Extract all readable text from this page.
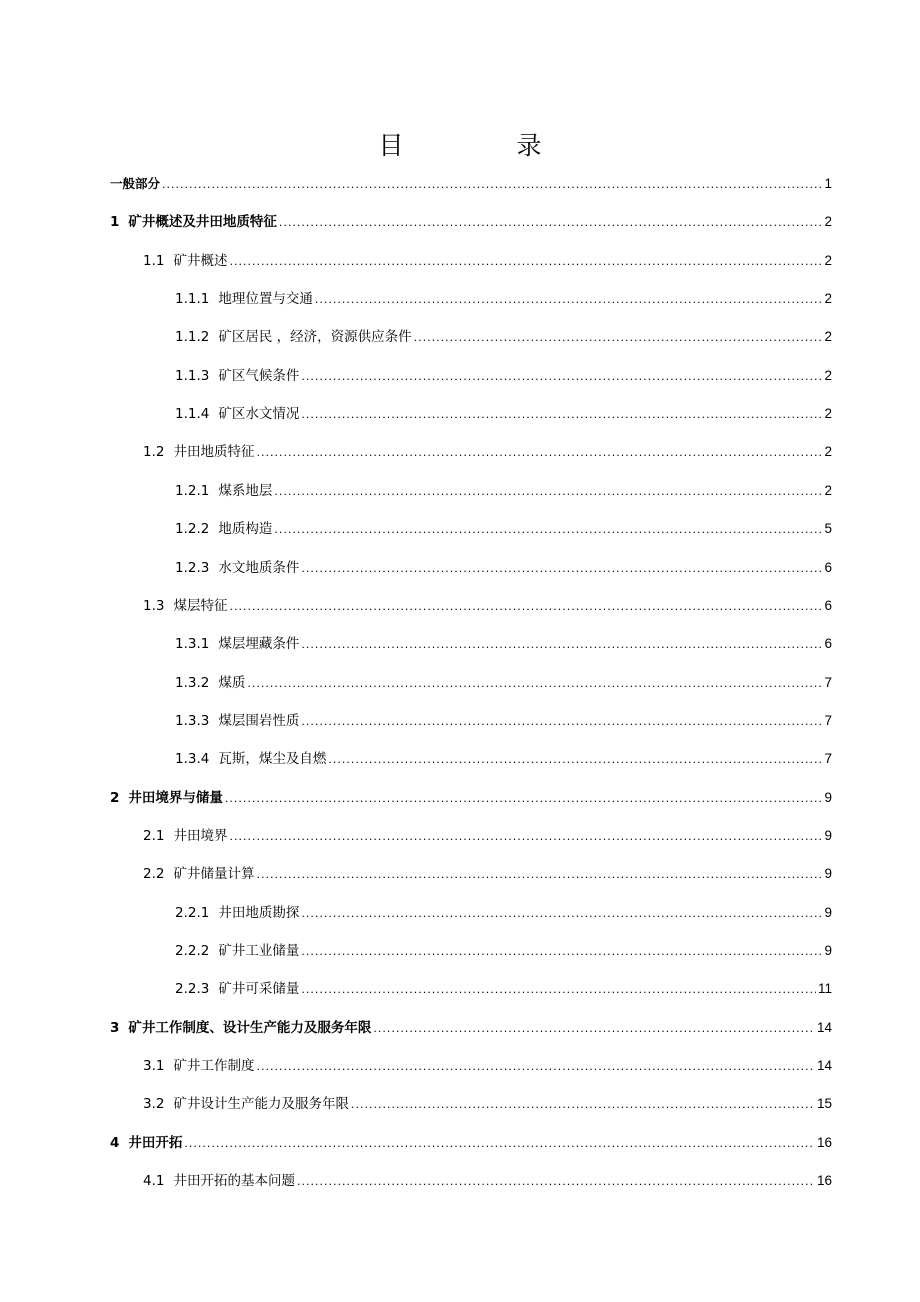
目　录
一般部分 .....	1
1 矿井概述及井田地质特征 .....	2
1.1 矿井概述 .....	2
1.1.1 地理位置与交通 .....	2
1.1.2 矿区居民 ，经济，资源供应条件 .....	2
1.1.3 矿区气候条件 .....	2
1.1.4 矿区水文情况 .....	2
1.2 井田地质特征 .....	2
1.2.1 煤系地层 .....	2
1.2.2 地质构造 .....	5
1.2.3 水文地质条件 .....	6
1.3 煤层特征 .....	6
1.3.1 煤层埋藏条件 .....	6
1.3.2 煤质 .....	7
1.3.3 煤层围岩性质 .....	7
1.3.4 瓦斯，煤尘及自燃 .....	7
2 井田境界与储量 .....	9
2.1 井田境界 .....	9
2.2 矿井储量计算 .....	9
2.2.1 井田地质勘探 .....	9
2.2.2 矿井工业储量 .....	9
2.2.3 矿井可采储量 .....	11
3 矿井工作制度、设计生产能力及服务年限 .....	14
3.1 矿井工作制度 .....	14
3.2 矿井设计生产能力及服务年限 .....	15
4 井田开拓 .....	16
4.1 井田开拓的基本问题 .....	16
